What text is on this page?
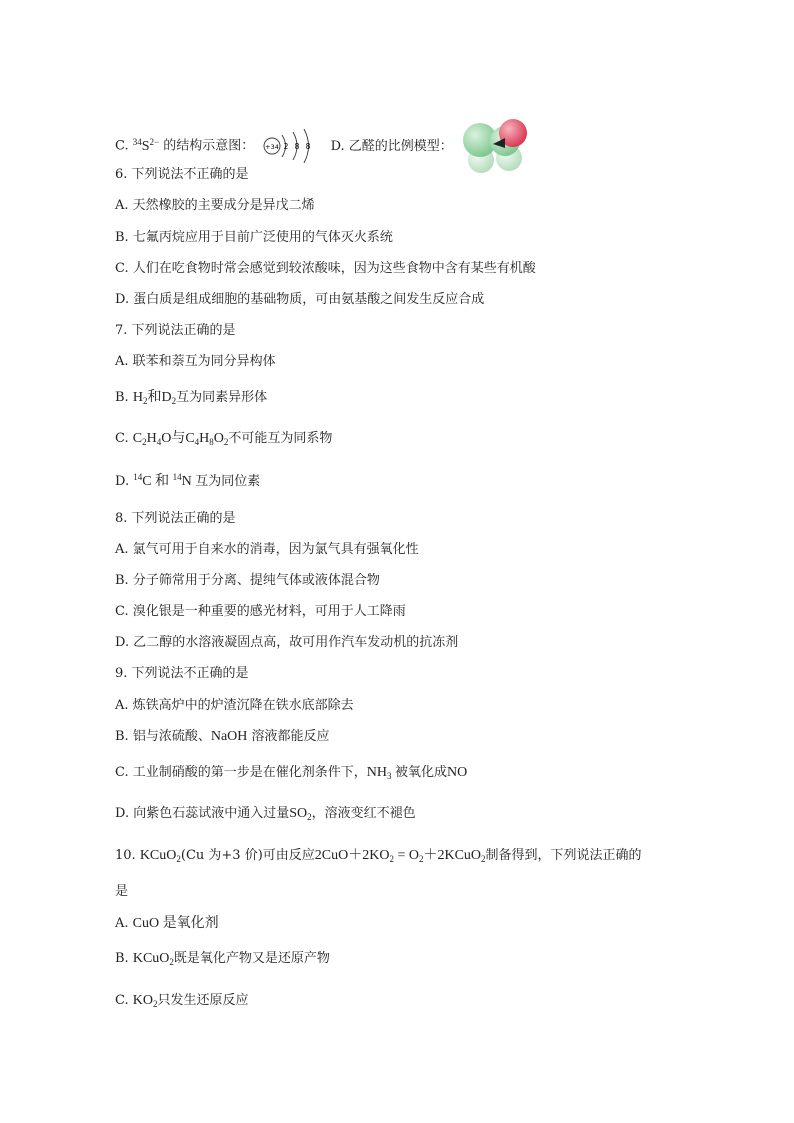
C. $^{34}S^{2-}$ 的结构示意图： +34 2 8 8 D. 乙醛的比例模型：
6. 下列说法不正确的是
A. 天然橡胶的主要成分是异戊二烯
B. 七氟丙烷应用于目前广泛使用的气体灭火系统
C. 人们在吃食物时常会感觉到较浓酸味，因为这些食物中含有某些有机酸
D. 蛋白质是组成细胞的基础物质，可由氨基酸之间发生反应合成
7. 下列说法正确的是
A. 联苯和萘互为同分异构体
B. $H_2$和$D_2$互为同素异形体
C. $C_2H_4O$与$C_4H_8O_2$不可能互为同系物
D. $^{14}$C 和 $^{14}$N 互为同位素
8. 下列说法正确的是
A. 氯气可用于自来水的消毒，因为氯气具有强氧化性
B. 分子筛常用于分离、提纯气体或液体混合物
C. 溴化银是一种重要的感光材料，可用于人工降雨
D. 乙二醇的水溶液凝固点高，故可用作汽车发动机的抗冻剂
9. 下列说法不正确的是
A. 炼铁高炉中的炉渣沉降在铁水底部除去
B. 铝与浓硫酸、NaOH 溶液都能反应
C. 工业制硝酸的第一步是在催化剂条件下，$NH_3$ 被氧化成NO
D. 向紫色石蕊试液中通入过量$SO_2$，溶液变红不褪色
10. KCuO$_2$(Cu 为+3 价)可由反应$2CuO+2KO_2$ = $O_2+2KCuO_2$制备得到，下列说法正确的
是
A. CuO 是氧化剂
B. KCuO$_2$既是氧化产物又是还原产物
C. $KO_2$只发生还原反应
